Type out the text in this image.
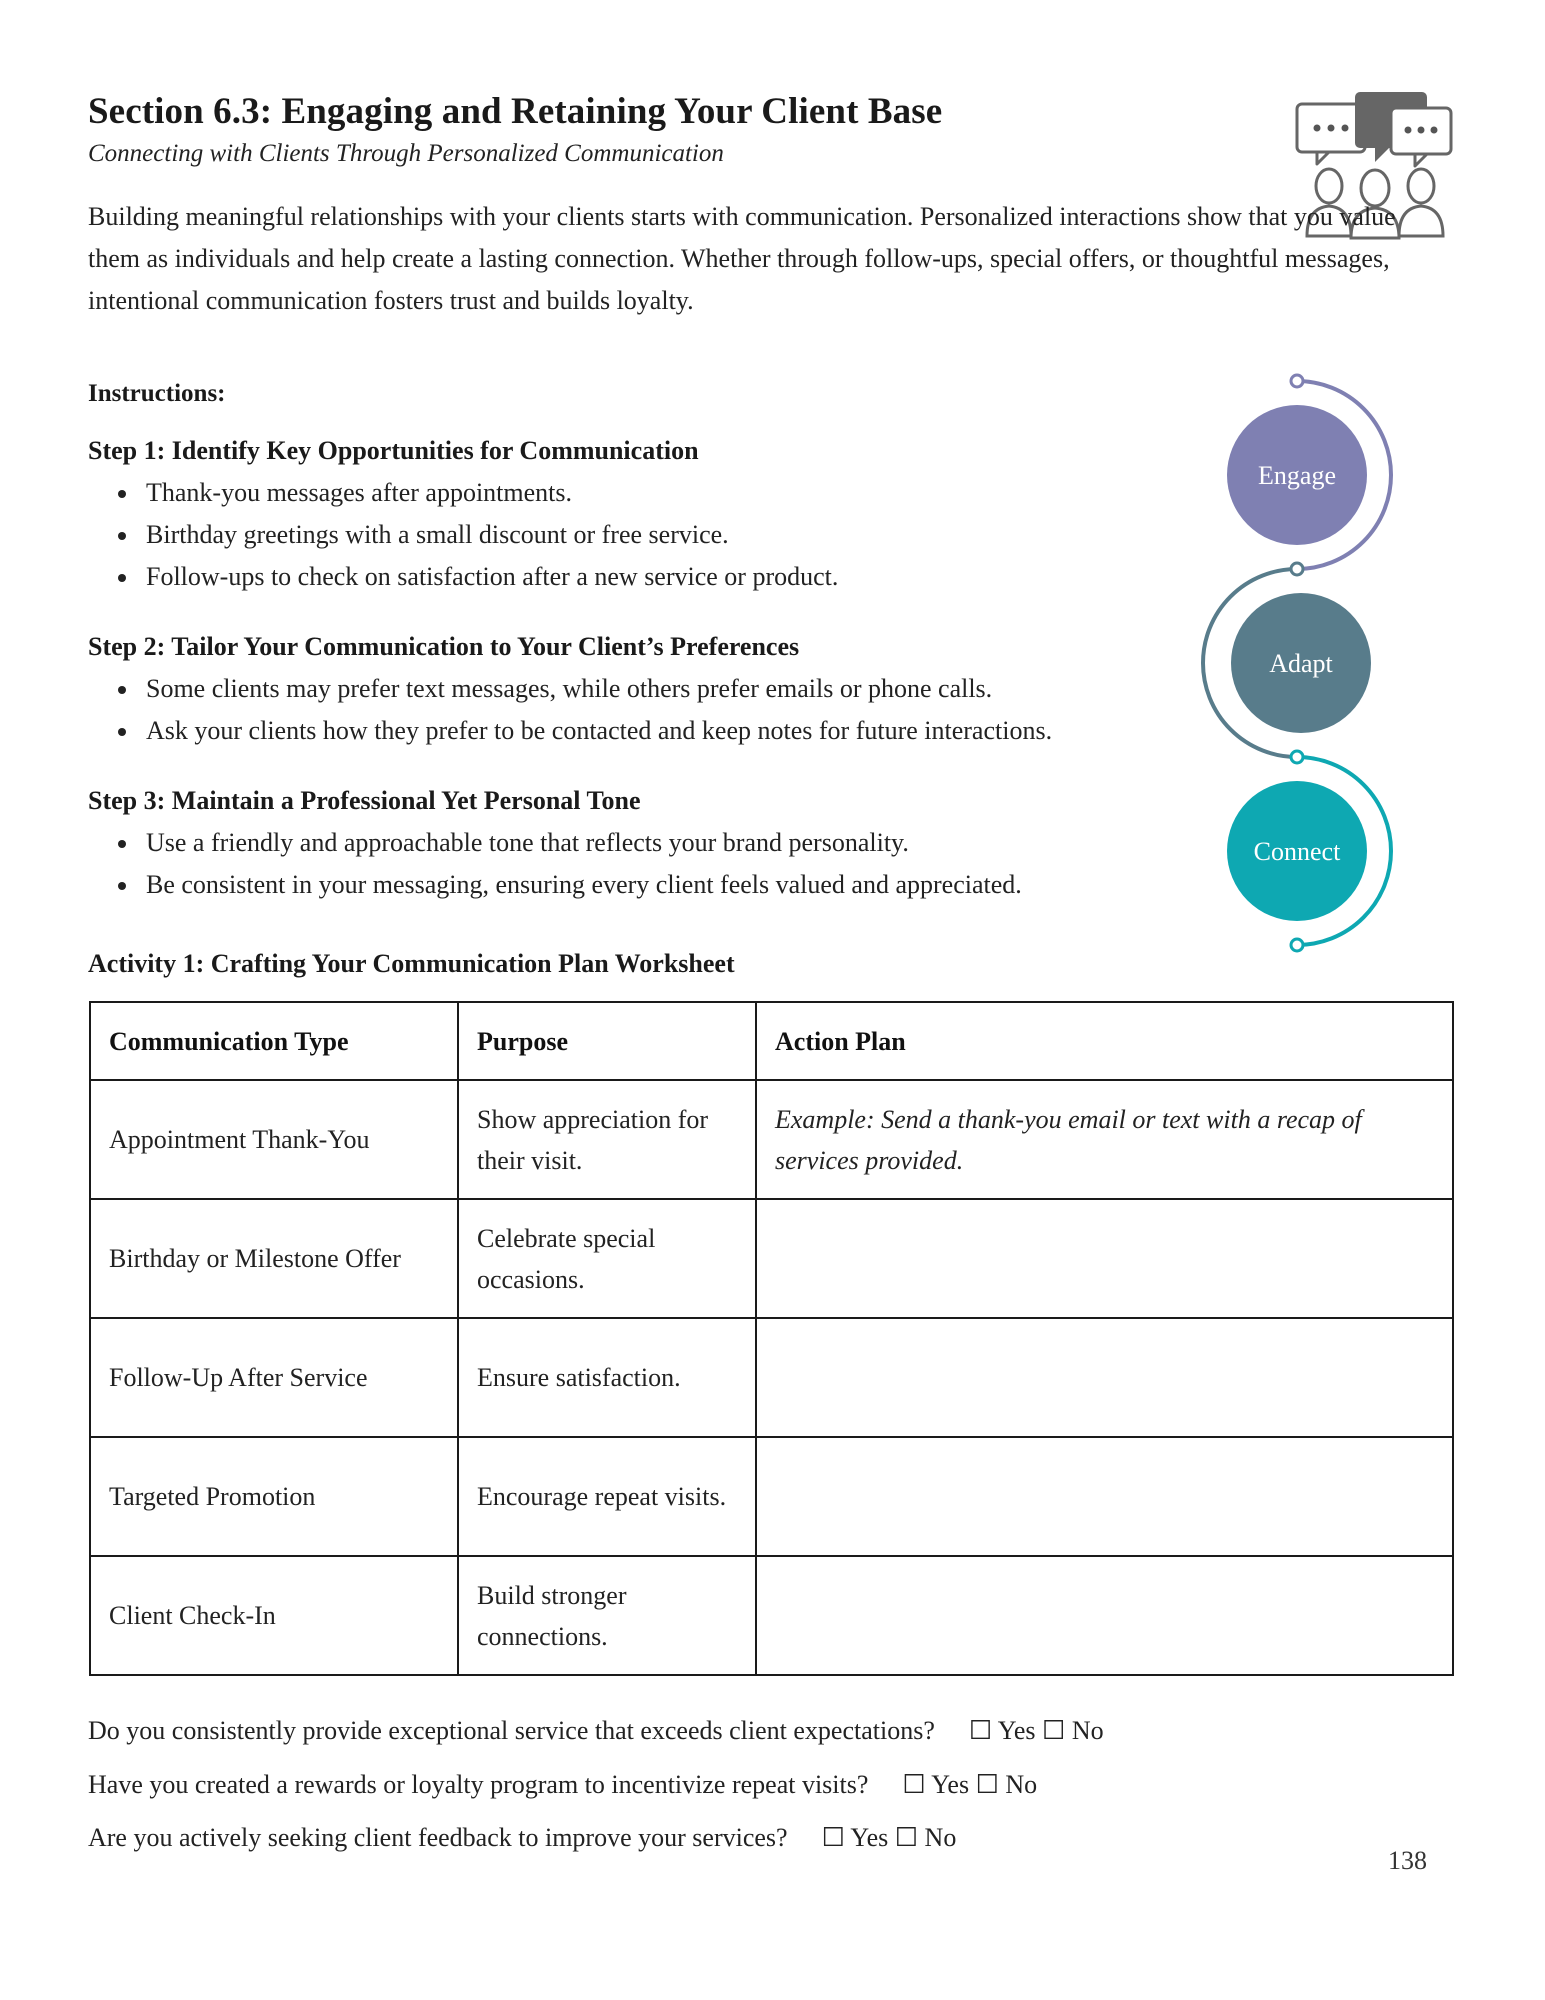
Section 6.3: Engaging and Retaining Your Client Base
Connecting with Clients Through Personalized Communication
Building meaningful relationships with your clients starts with communication. Personalized interactions show that you value them as individuals and help create a lasting connection. Whether through follow-ups, special offers, or thoughtful messages, intentional communication fosters trust and builds loyalty.
Instructions:
Step 1: Identify Key Opportunities for Communication
• Thank-you messages after appointments.
• Birthday greetings with a small discount or free service.
• Follow-ups to check on satisfaction after a new service or product.
Step 2: Tailor Your Communication to Your Client’s Preferences
• Some clients may prefer text messages, while others prefer emails or phone calls.
• Ask your clients how they prefer to be contacted and keep notes for future interactions.
Step 3: Maintain a Professional Yet Personal Tone
• Use a friendly and approachable tone that reflects your brand personality.
• Be consistent in your messaging, ensuring every client feels valued and appreciated.
Engage
Adapt
Connect
Activity 1: Crafting Your Communication Plan Worksheet
Communication Type	Purpose	Action Plan
Appointment Thank-You	Show appreciation for their visit.	Example: Send a thank-you email or text with a recap of services provided.
Birthday or Milestone Offer	Celebrate special occasions.	
Follow-Up After Service	Ensure satisfaction.	
Targeted Promotion	Encourage repeat visits.	
Client Check-In	Build stronger connections.	
Do you consistently provide exceptional service that exceeds client expectations? ☐ Yes ☐ No
Have you created a rewards or loyalty program to incentivize repeat visits? ☐ Yes ☐ No
Are you actively seeking client feedback to improve your services? ☐ Yes ☐ No
138
